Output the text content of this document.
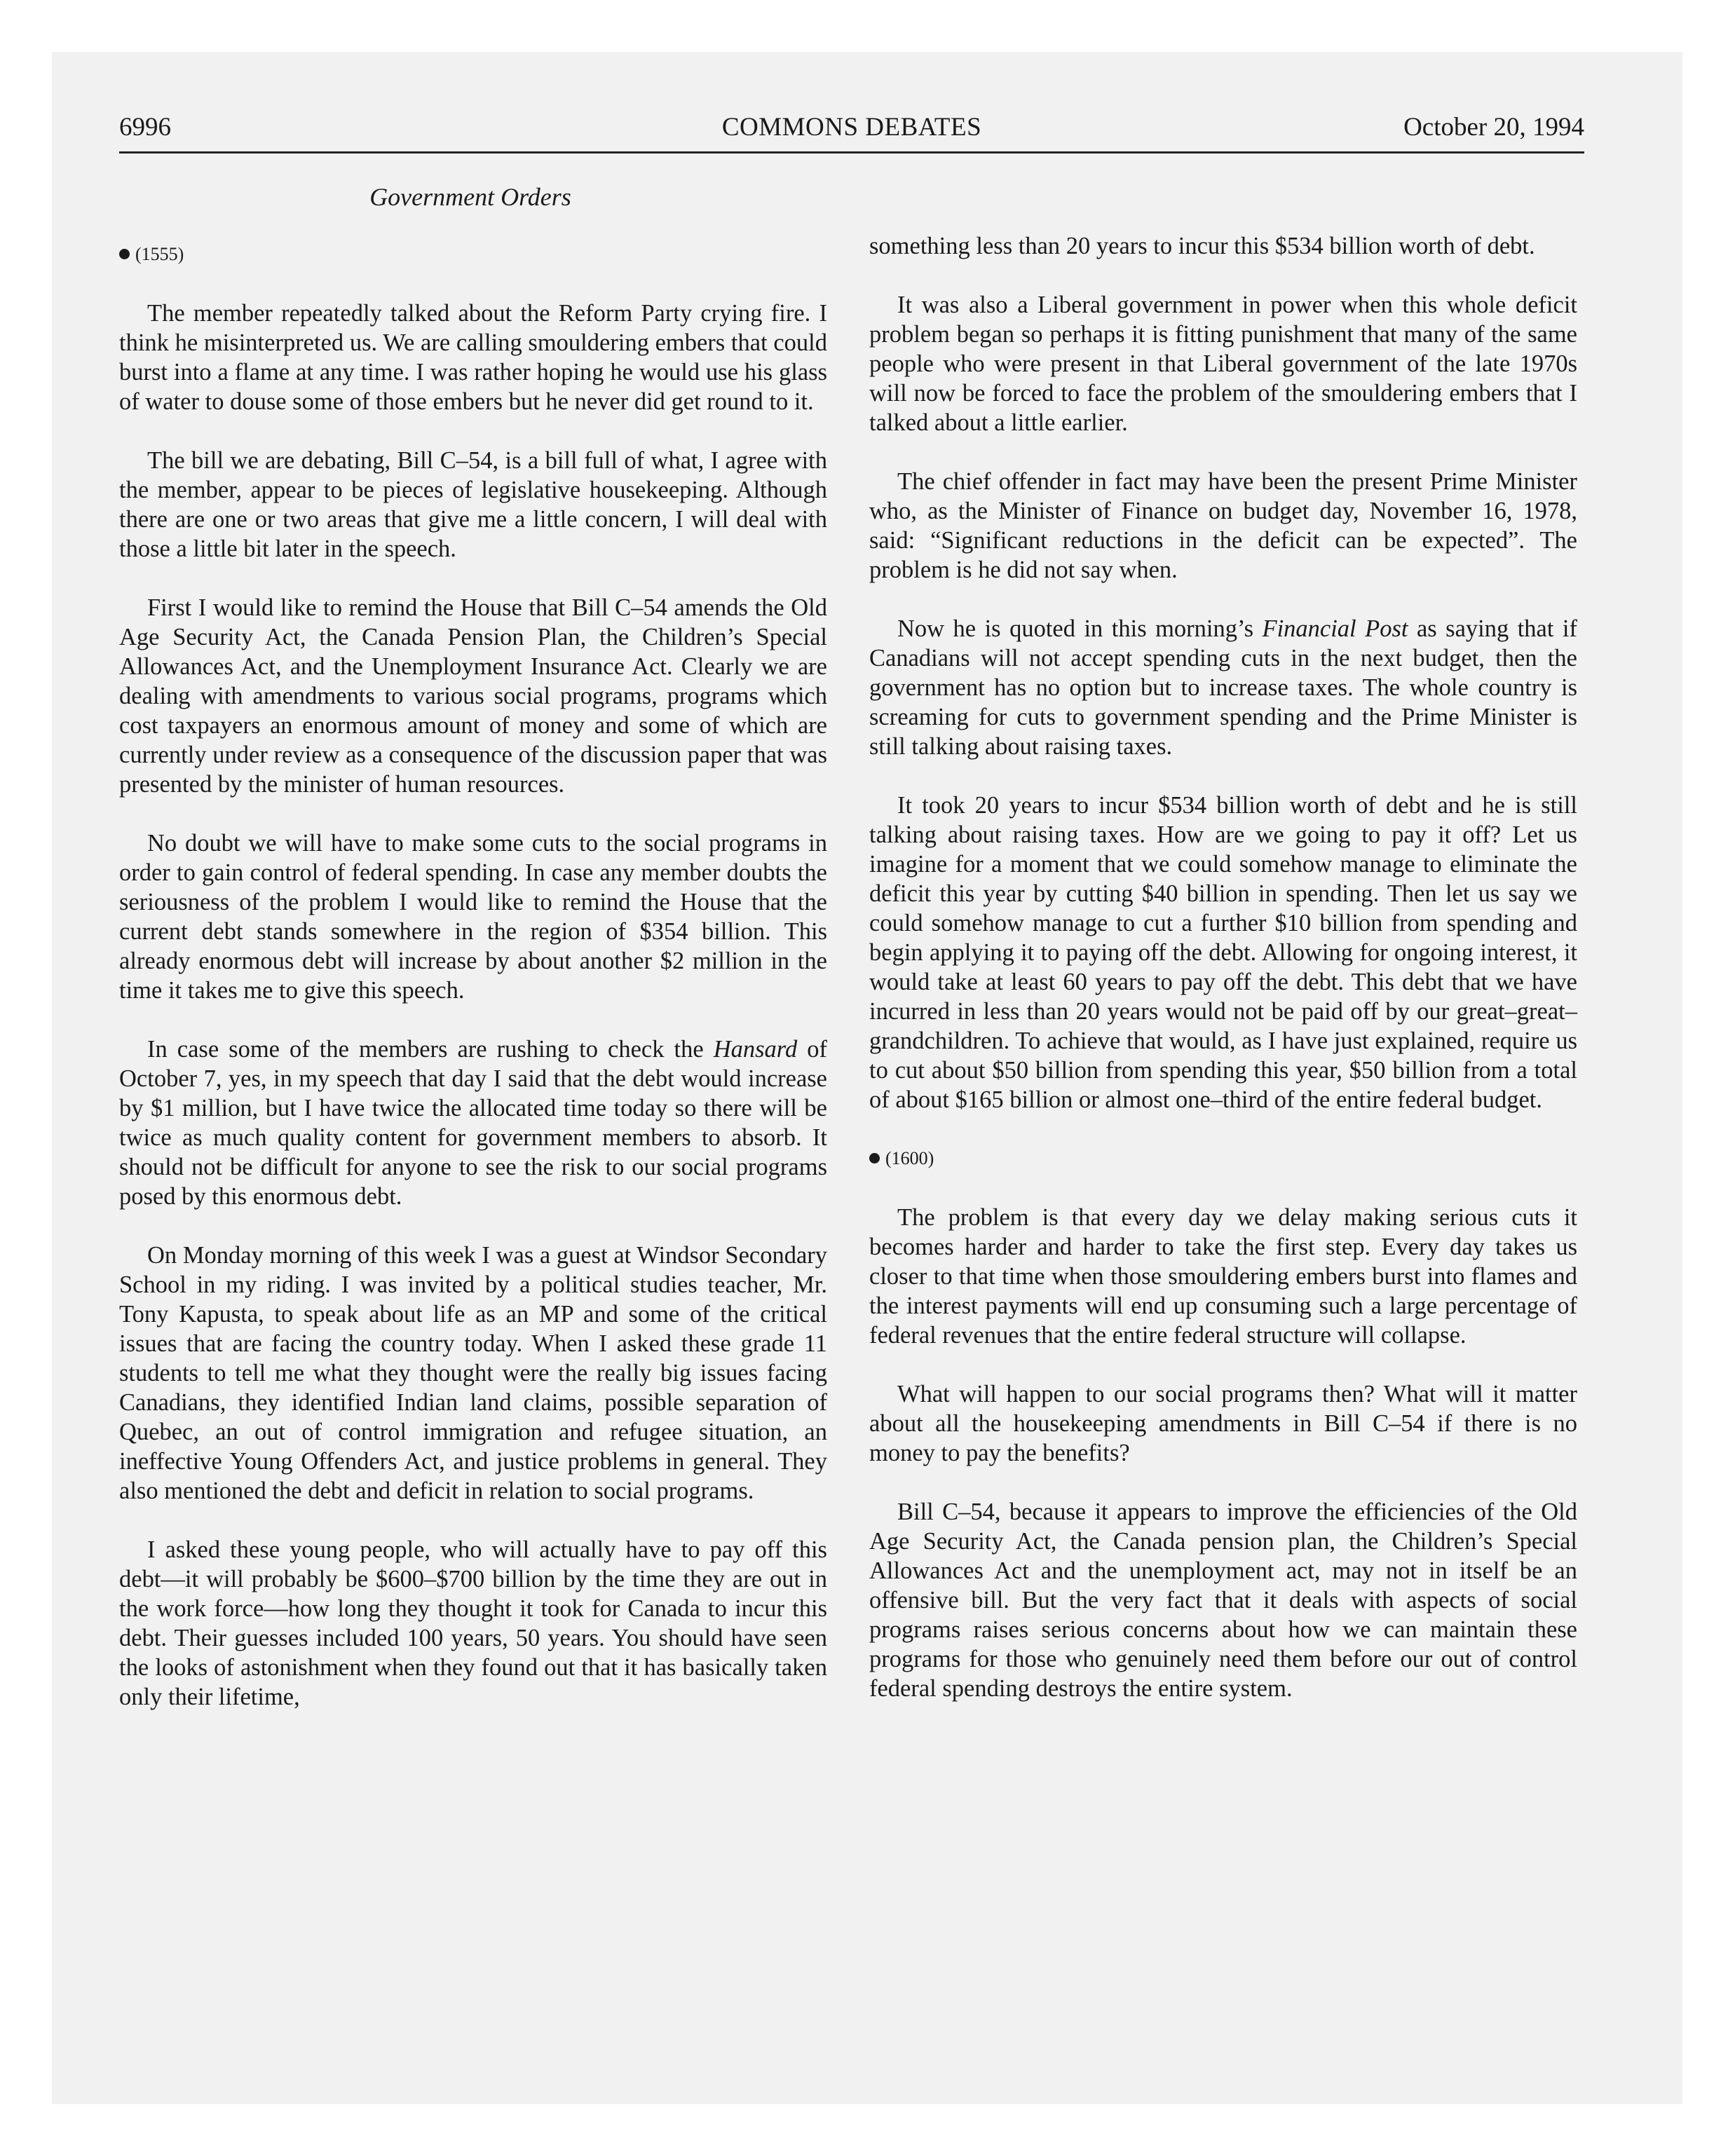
COMMONS DEBATES
6996	October 20, 1994
Government Orders
(1555)

The member repeatedly talked about the Reform Party crying fire. I think he misinterpreted us. We are calling smouldering embers that could burst into a flame at any time. I was rather hoping he would use his glass of water to douse some of those embers but he never did get round to it.

The bill we are debating, Bill C–54, is a bill full of what, I agree with the member, appear to be pieces of legislative housekeeping. Although there are one or two areas that give me a little concern, I will deal with those a little bit later in the speech.

First I would like to remind the House that Bill C–54 amends the Old Age Security Act, the Canada Pension Plan, the Children’s Special Allowances Act, and the Unemployment Insurance Act. Clearly we are dealing with amendments to various social programs, programs which cost taxpayers an enormous amount of money and some of which are currently under review as a consequence of the discussion paper that was presented by the minister of human resources.

No doubt we will have to make some cuts to the social programs in order to gain control of federal spending. In case any member doubts the seriousness of the problem I would like to remind the House that the current debt stands somewhere in the region of $354 billion. This already enormous debt will increase by about another $2 million in the time it takes me to give this speech.

In case some of the members are rushing to check the Hansard of October 7, yes, in my speech that day I said that the debt would increase by $1 million, but I have twice the allocated time today so there will be twice as much quality content for government members to absorb. It should not be difficult for anyone to see the risk to our social programs posed by this enormous debt.

On Monday morning of this week I was a guest at Windsor Secondary School in my riding. I was invited by a political studies teacher, Mr. Tony Kapusta, to speak about life as an MP and some of the critical issues that are facing the country today. When I asked these grade 11 students to tell me what they thought were the really big issues facing Canadians, they identified Indian land claims, possible separation of Quebec, an out of control immigration and refugee situation, an ineffective Young Offenders Act, and justice problems in general. They also mentioned the debt and deficit in relation to social programs.

I asked these young people, who will actually have to pay off this debt—it will probably be $600–$700 billion by the time they are out in the work force—how long they thought it took for Canada to incur this debt. Their guesses included 100 years, 50 years. You should have seen the looks of astonishment when they found out that it has basically taken only their lifetime,

something less than 20 years to incur this $534 billion worth of debt.

It was also a Liberal government in power when this whole deficit problem began so perhaps it is fitting punishment that many of the same people who were present in that Liberal government of the late 1970s will now be forced to face the problem of the smouldering embers that I talked about a little earlier.

The chief offender in fact may have been the present Prime Minister who, as the Minister of Finance on budget day, November 16, 1978, said: “Significant reductions in the deficit can be expected”. The problem is he did not say when.

Now he is quoted in this morning’s Financial Post as saying that if Canadians will not accept spending cuts in the next budget, then the government has no option but to increase taxes. The whole country is screaming for cuts to government spending and the Prime Minister is still talking about raising taxes.

It took 20 years to incur $534 billion worth of debt and he is still talking about raising taxes. How are we going to pay it off? Let us imagine for a moment that we could somehow manage to eliminate the deficit this year by cutting $40 billion in spending. Then let us say we could somehow manage to cut a further $10 billion from spending and begin applying it to paying off the debt. Allowing for ongoing interest, it would take at least 60 years to pay off the debt. This debt that we have incurred in less than 20 years would not be paid off by our great–great–grandchildren. To achieve that would, as I have just explained, require us to cut about $50 billion from spending this year, $50 billion from a total of about $165 billion or almost one–third of the entire federal budget.

(1600)

The problem is that every day we delay making serious cuts it becomes harder and harder to take the first step. Every day takes us closer to that time when those smouldering embers burst into flames and the interest payments will end up consuming such a large percentage of federal revenues that the entire federal structure will collapse.

What will happen to our social programs then? What will it matter about all the housekeeping amendments in Bill C–54 if there is no money to pay the benefits?

Bill C–54, because it appears to improve the efficiencies of the Old Age Security Act, the Canada pension plan, the Children’s Special Allowances Act and the unemployment act, may not in itself be an offensive bill. But the very fact that it deals with aspects of social programs raises serious concerns about how we can maintain these programs for those who genuinely need them before our out of control federal spending destroys the entire system.
